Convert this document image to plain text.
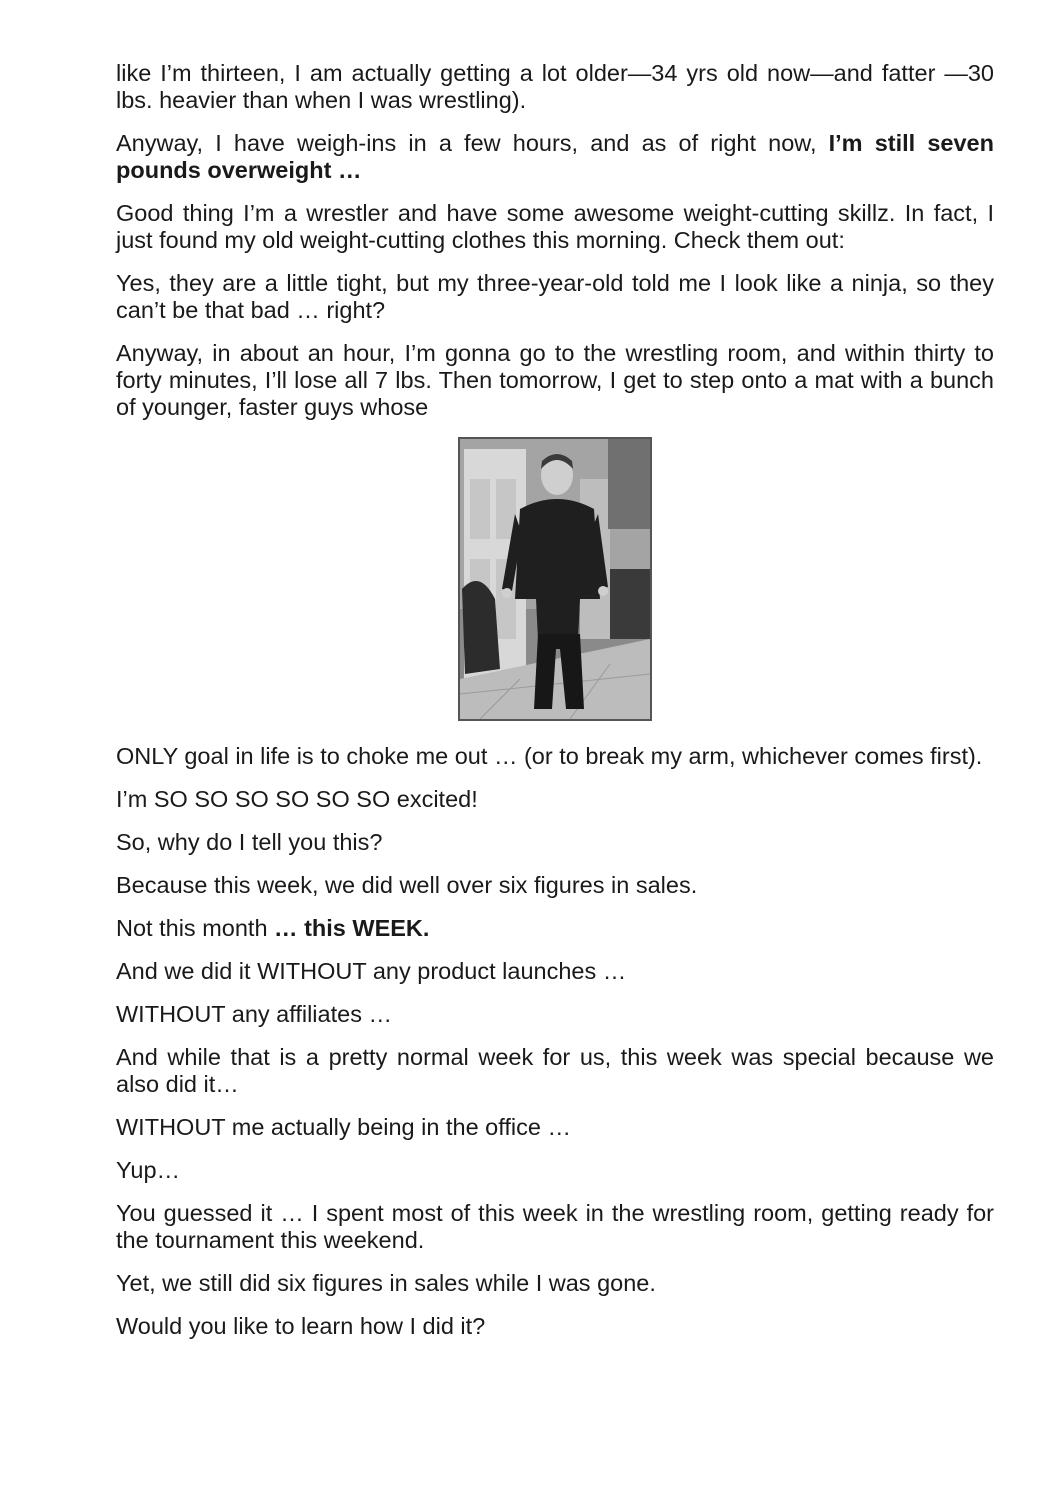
like I’m thirteen, I am actually getting a lot older—34 yrs old now—and fatter —30 lbs. heavier than when I was wrestling).

Anyway, I have weigh-ins in a few hours, and as of right now, I’m still seven pounds overweight …

Good thing I’m a wrestler and have some awesome weight-cutting skillz. In fact, I just found my old weight-cutting clothes this morning. Check them out:

Yes, they are a little tight, but my three-year-old told me I look like a ninja, so they can’t be that bad … right?

Anyway, in about an hour, I’m gonna go to the wrestling room, and within thirty to forty minutes, I’ll lose all 7 lbs. Then tomorrow, I get to step onto a mat with a bunch of younger, faster guys whose

ONLY goal in life is to choke me out … (or to break my arm, whichever comes first).

I’m SO SO SO SO SO SO excited!

So, why do I tell you this?

Because this week, we did well over six figures in sales.

Not this month … this WEEK.

And we did it WITHOUT any product launches …

WITHOUT any affiliates …

And while that is a pretty normal week for us, this week was special because we also did it…

WITHOUT me actually being in the office …

Yup…

You guessed it … I spent most of this week in the wrestling room, getting ready for the tournament this weekend.

Yet, we still did six figures in sales while I was gone.

Would you like to learn how I did it?
